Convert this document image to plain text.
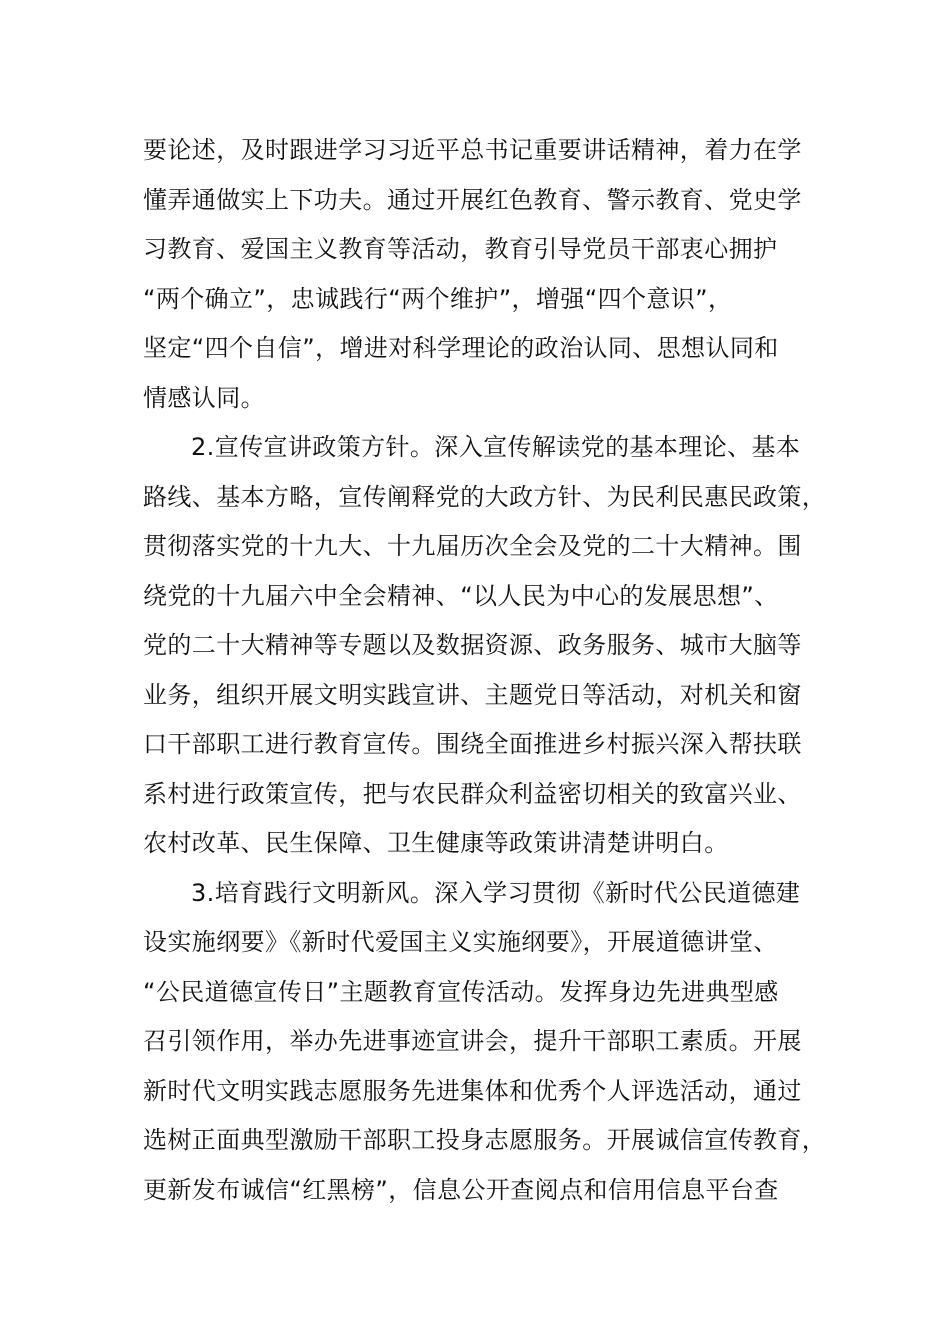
要论述，及时跟进学习习近平总书记重要讲话精神，着力在学
懂弄通做实上下功夫。通过开展红色教育、警示教育、党史学
习教育、爱国主义教育等活动，教育引导党员干部衷心拥护
“两个确立”，忠诚践行“两个维护”，增强“四个意识”，
坚定“四个自信”，增进对科学理论的政治认同、思想认同和
情感认同。
2.宣传宣讲政策方针。深入宣传解读党的基本理论、基本
路线、基本方略，宣传阐释党的大政方针、为民利民惠民政策，
贯彻落实党的十九大、十九届历次全会及党的二十大精神。围
绕党的十九届六中全会精神、“以人民为中心的发展思想”、
党的二十大精神等专题以及数据资源、政务服务、城市大脑等
业务，组织开展文明实践宣讲、主题党日等活动，对机关和窗
口干部职工进行教育宣传。围绕全面推进乡村振兴深入帮扶联
系村进行政策宣传，把与农民群众利益密切相关的致富兴业、
农村改革、民生保障、卫生健康等政策讲清楚讲明白。
3.培育践行文明新风。深入学习贯彻《新时代公民道德建
设实施纲要》《新时代爱国主义实施纲要》，开展道德讲堂、
“公民道德宣传日”主题教育宣传活动。发挥身边先进典型感
召引领作用，举办先进事迹宣讲会，提升干部职工素质。开展
新时代文明实践志愿服务先进集体和优秀个人评选活动，通过
选树正面典型激励干部职工投身志愿服务。开展诚信宣传教育，
更新发布诚信“红黑榜”，信息公开查阅点和信用信息平台查
